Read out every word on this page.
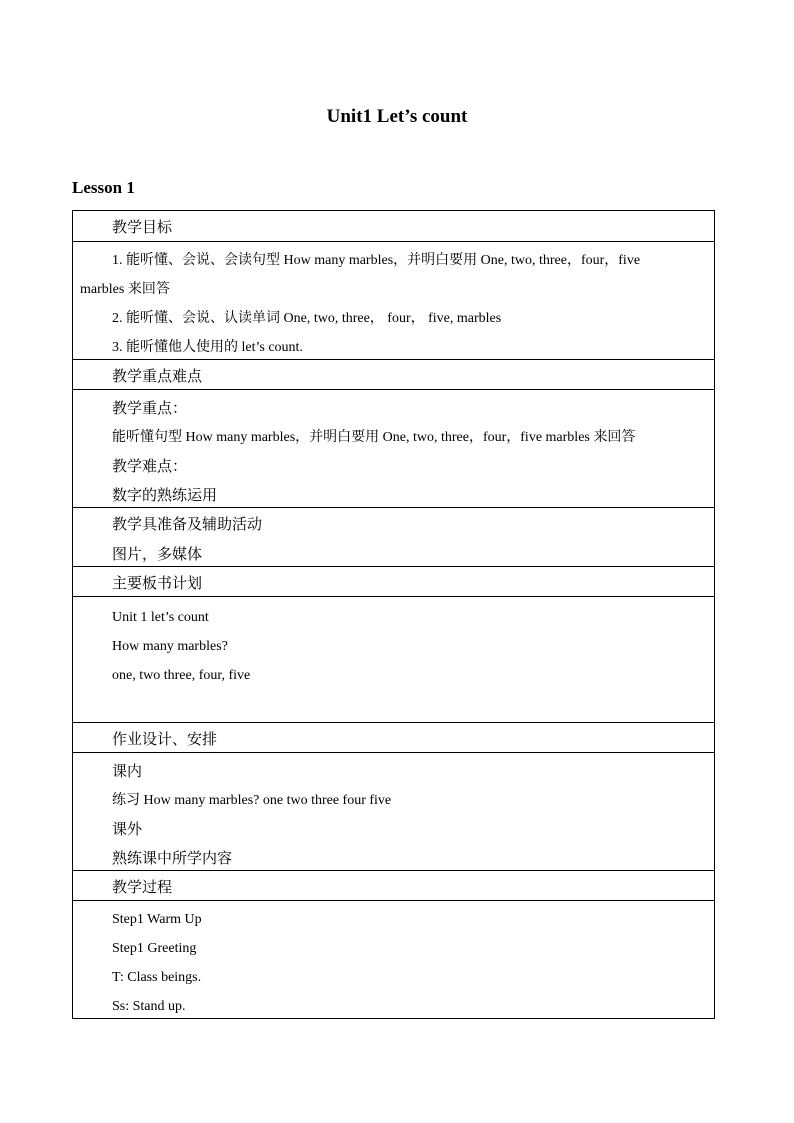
Unit1 Let’s count
Lesson 1
教学目标
1. 能听懂、会说、会读句型 How many marbles，并明白要用 One, two, three，four，five
marbles 来回答
2. 能听懂、会说、认读单词 One, two, three， four， five, marbles
3. 能听懂他人使用的 let’s count.
教学重点难点
教学重点：
能听懂句型 How many marbles，并明白要用 One, two, three，four，five marbles 来回答
教学难点：
数字的熟练运用
教学具准备及辅助活动
图片，多媒体
主要板书计划
Unit 1 let’s count
How many marbles?
one, two three, four, five
作业设计、安排
课内
练习 How many marbles? one two three four five
课外
熟练课中所学内容
教学过程
Step1 Warm Up
Step1 Greeting
T: Class beings.
Ss: Stand up.
